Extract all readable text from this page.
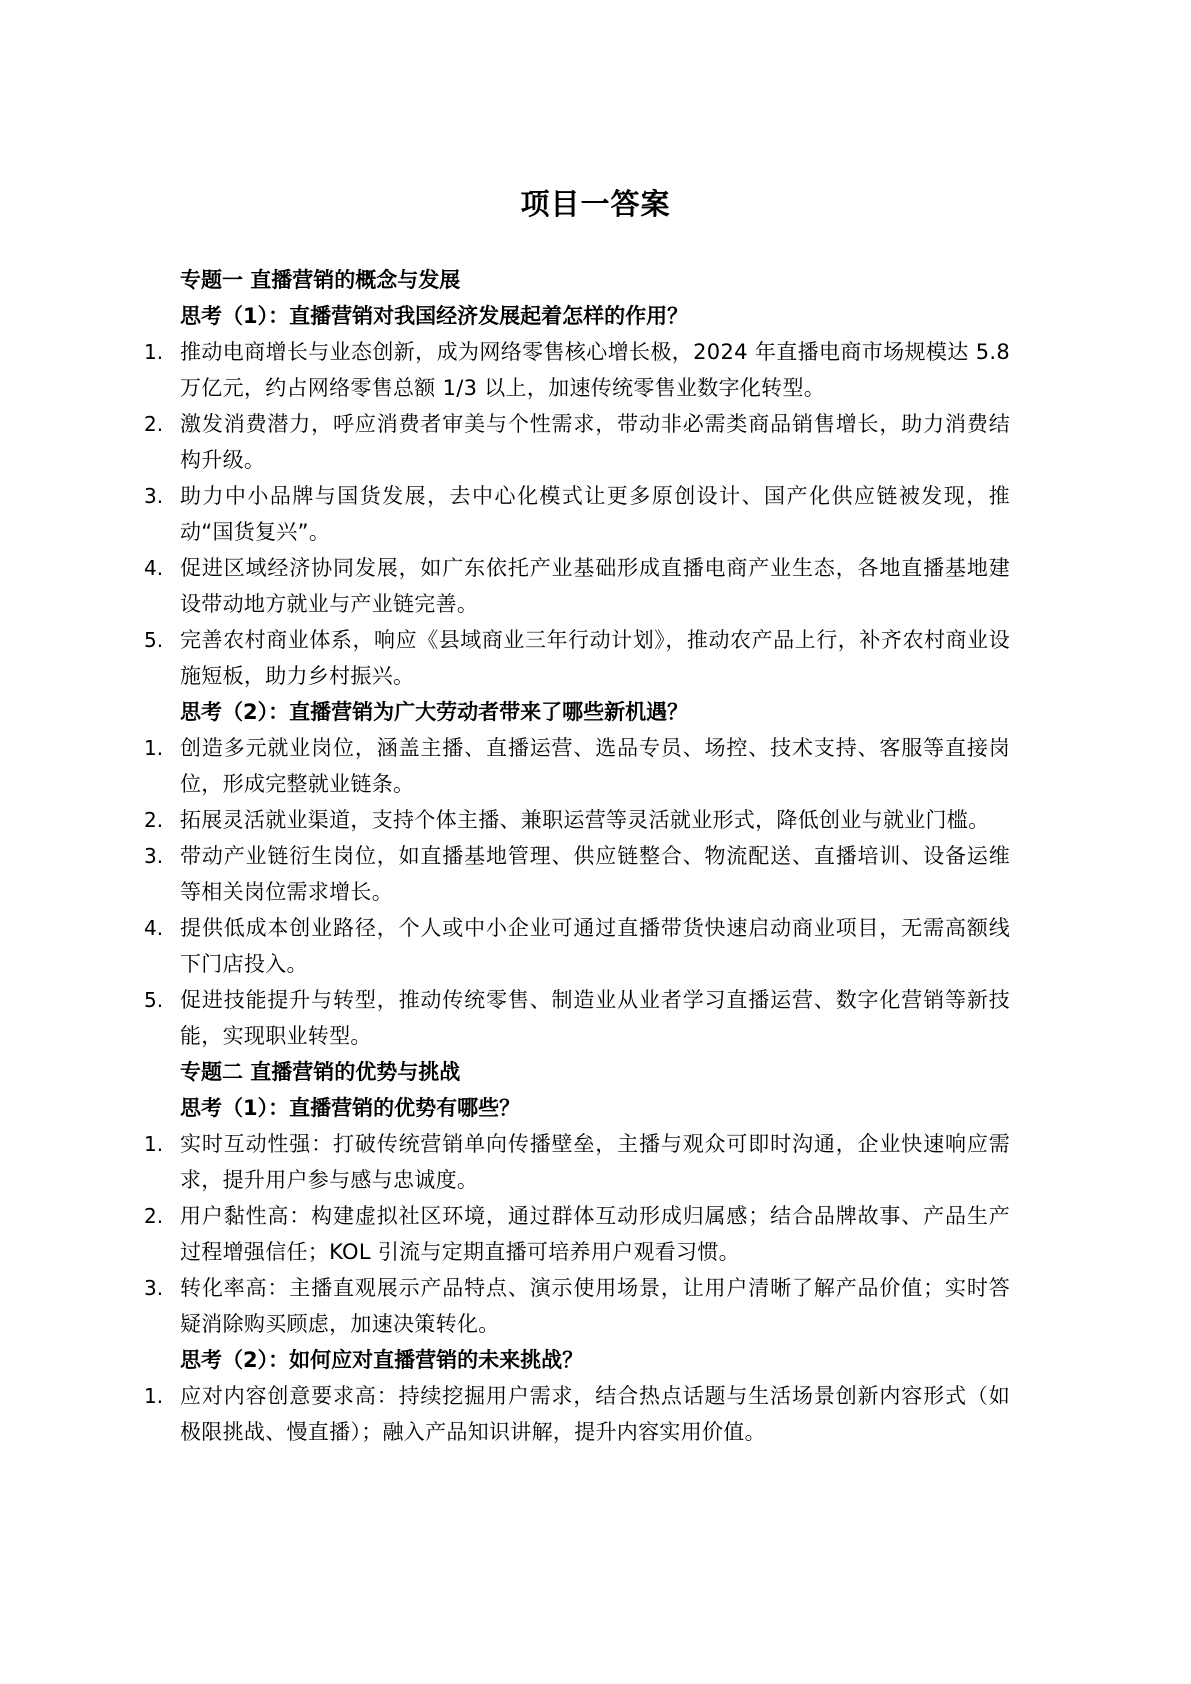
项目一答案
专题一 直播营销的概念与发展
思考（1）：直播营销对我国经济发展起着怎样的作用？
1. 推动电商增长与业态创新，成为网络零售核心增长极，2024 年直播电商市场规模达 5.8 万亿元，约占网络零售总额 1/3 以上，加速传统零售业数字化转型。
2. 激发消费潜力，呼应消费者审美与个性需求，带动非必需类商品销售增长，助力消费结构升级。
3. 助力中小品牌与国货发展，去中心化模式让更多原创设计、国产化供应链被发现，推动“国货复兴”。
4. 促进区域经济协同发展，如广东依托产业基础形成直播电商产业生态，各地直播基地建设带动地方就业与产业链完善。
5. 完善农村商业体系，响应《县域商业三年行动计划》，推动农产品上行，补齐农村商业设施短板，助力乡村振兴。
思考（2）：直播营销为广大劳动者带来了哪些新机遇？
1. 创造多元就业岗位，涵盖主播、直播运营、选品专员、场控、技术支持、客服等直接岗位，形成完整就业链条。
2. 拓展灵活就业渠道，支持个体主播、兼职运营等灵活就业形式，降低创业与就业门槛。
3. 带动产业链衍生岗位，如直播基地管理、供应链整合、物流配送、直播培训、设备运维等相关岗位需求增长。
4. 提供低成本创业路径，个人或中小企业可通过直播带货快速启动商业项目，无需高额线下门店投入。
5. 促进技能提升与转型，推动传统零售、制造业从业者学习直播运营、数字化营销等新技能，实现职业转型。
专题二 直播营销的优势与挑战
思考（1）：直播营销的优势有哪些？
1. 实时互动性强：打破传统营销单向传播壁垒，主播与观众可即时沟通，企业快速响应需求，提升用户参与感与忠诚度。
2. 用户黏性高：构建虚拟社区环境，通过群体互动形成归属感；结合品牌故事、产品生产过程增强信任；KOL 引流与定期直播可培养用户观看习惯。
3. 转化率高：主播直观展示产品特点、演示使用场景，让用户清晰了解产品价值；实时答疑消除购买顾虑，加速决策转化。
思考（2）：如何应对直播营销的未来挑战？
1. 应对内容创意要求高：持续挖掘用户需求，结合热点话题与生活场景创新内容形式（如极限挑战、慢直播）；融入产品知识讲解，提升内容实用价值。
